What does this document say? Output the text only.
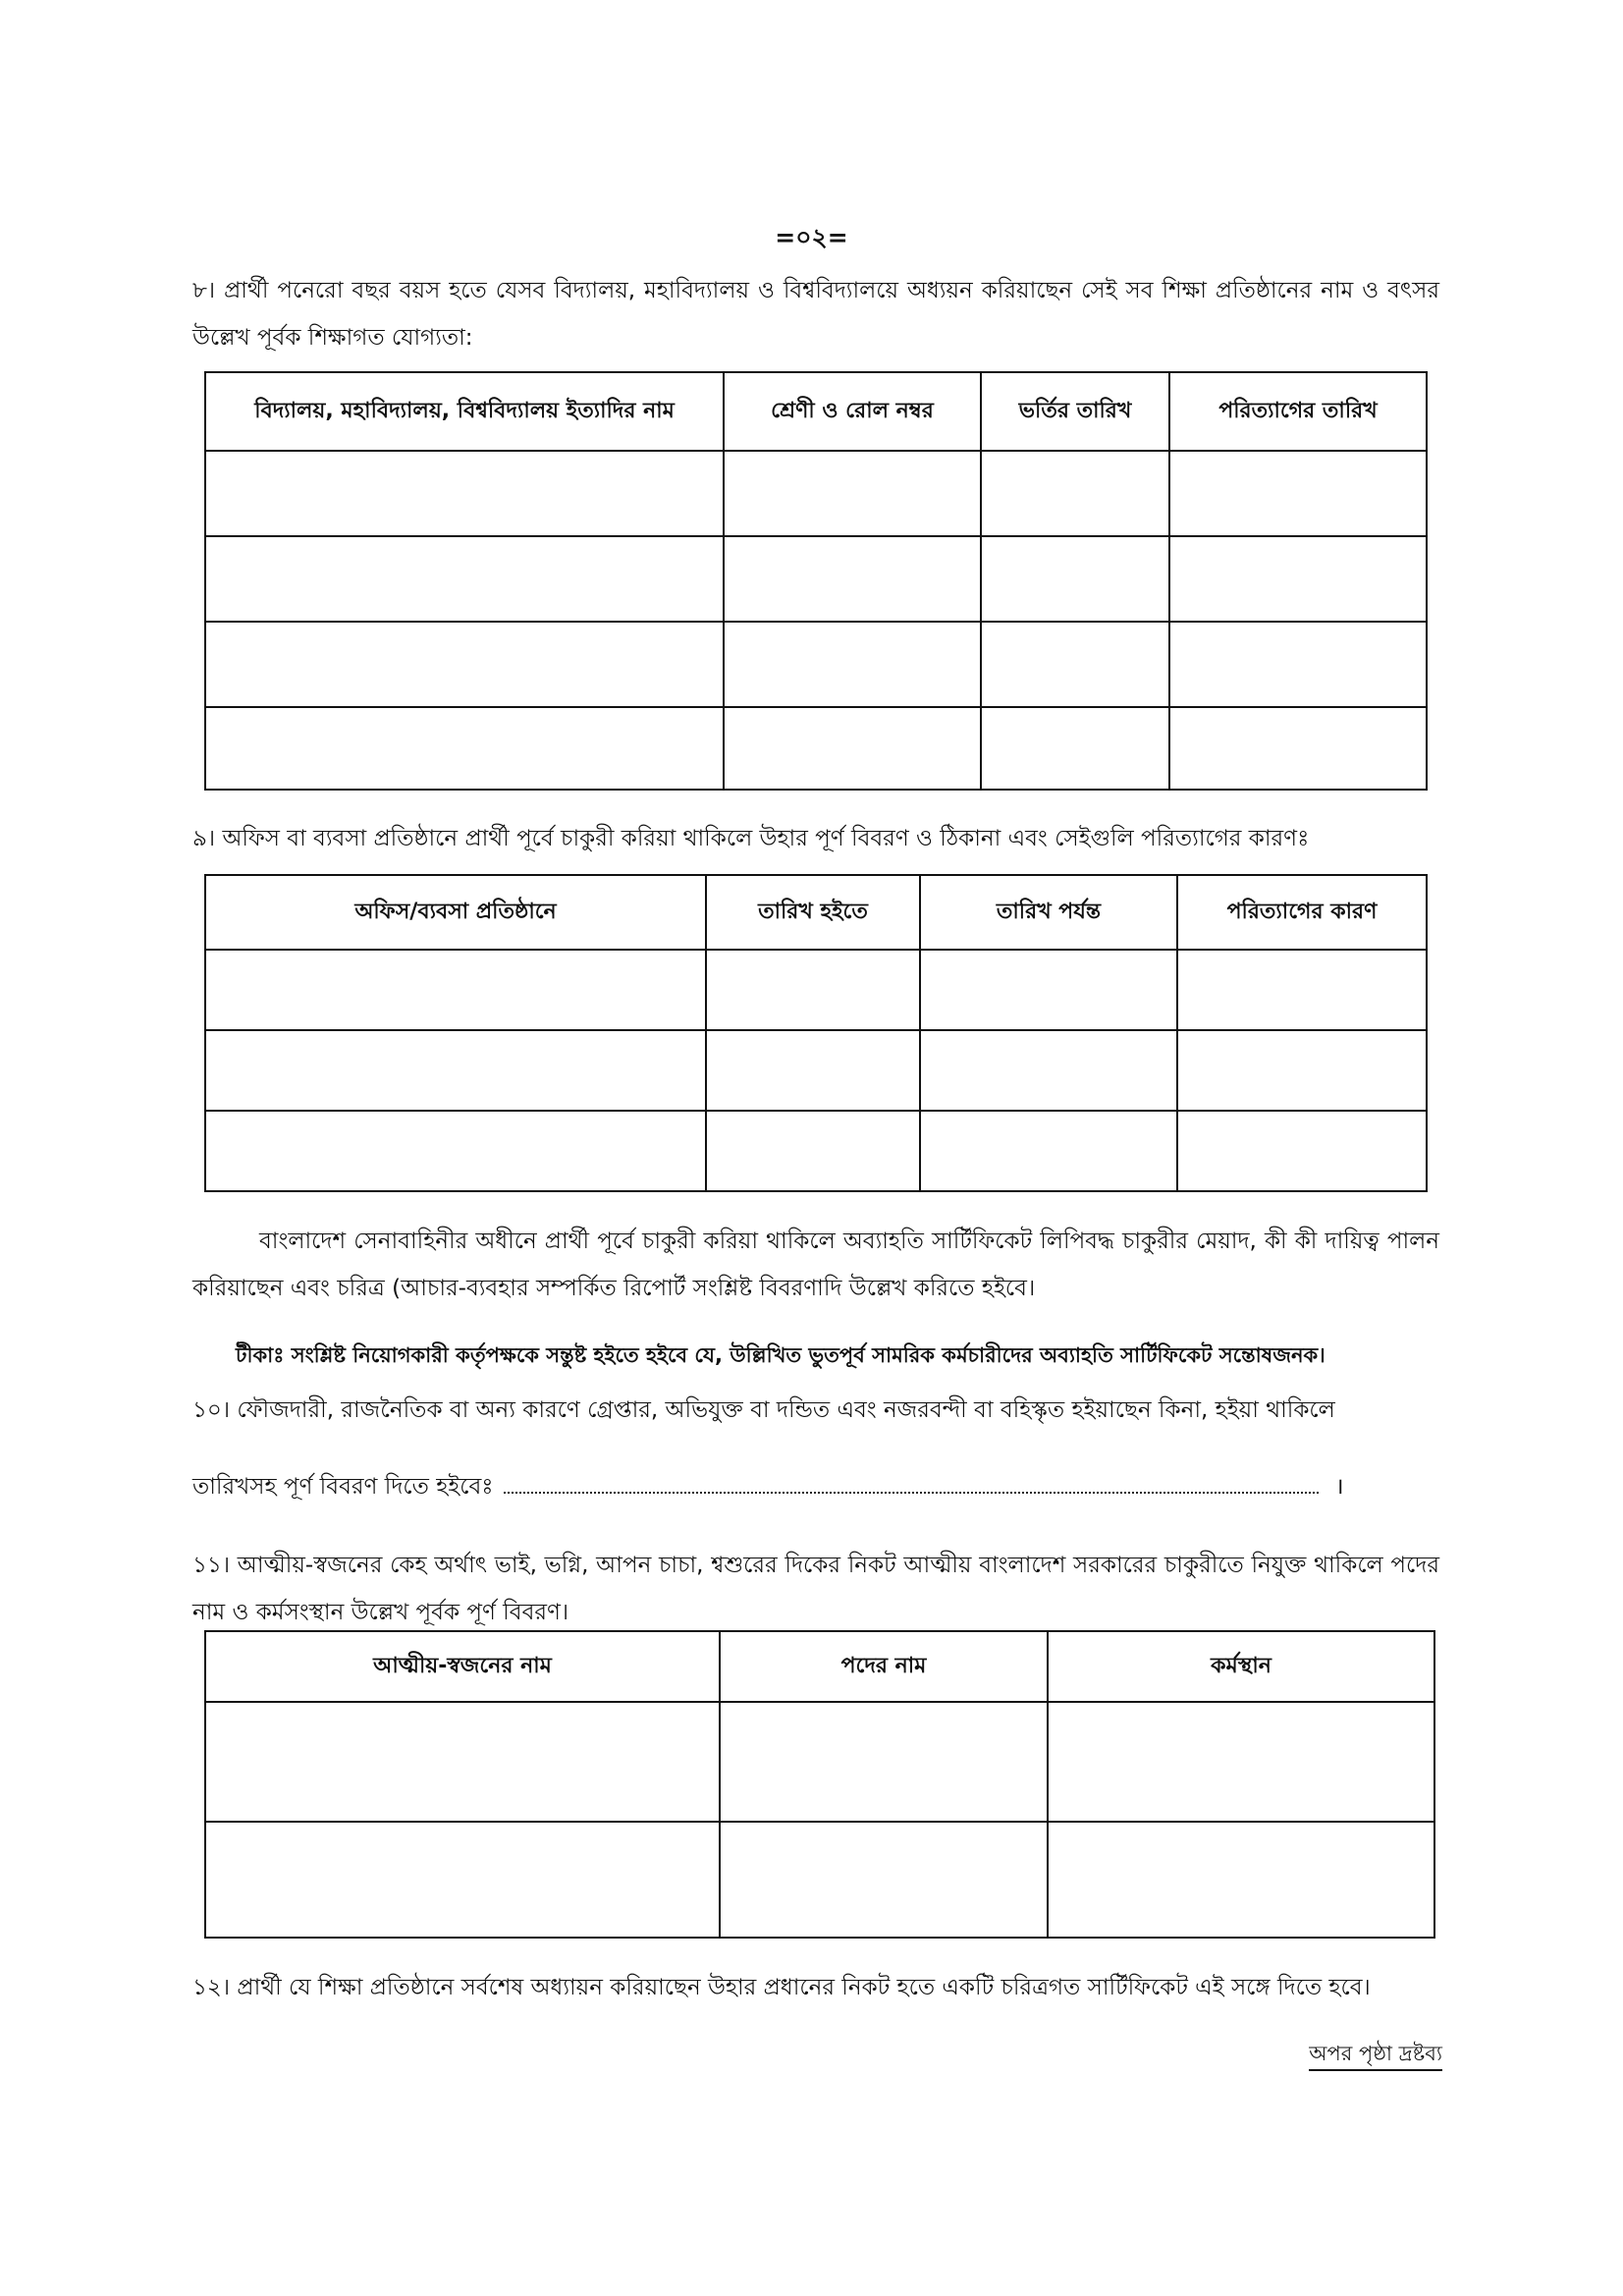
=০২=
৮। প্রার্থী পনেরো বছর বয়স হতে যেসব বিদ্যালয়, মহাবিদ্যালয় ও বিশ্ববিদ্যালয়ে অধ্যয়ন করিয়াছেন সেই সব শিক্ষা প্রতিষ্ঠানের নাম ও বৎসর উল্লেখ পূর্বক শিক্ষাগত যোগ্যতা:
বিদ্যালয়, মহাবিদ্যালয়, বিশ্ববিদ্যালয় ইত্যাদির নাম	শ্রেণী ও রোল নম্বর	ভর্তির তারিখ	পরিত্যাগের তারিখ

৯। অফিস বা ব্যবসা প্রতিষ্ঠানে প্রার্থী পূর্বে চাকুরী করিয়া থাকিলে উহার পূর্ণ বিবরণ ও ঠিকানা এবং সেইগুলি পরিত্যাগের কারণঃ
অফিস/ব্যবসা প্রতিষ্ঠানে	তারিখ হইতে	তারিখ পর্যন্ত	পরিত্যাগের কারণ

বাংলাদেশ সেনাবাহিনীর অধীনে প্রার্থী পূর্বে চাকুরী করিয়া থাকিলে অব্যাহতি সার্টিফিকেট লিপিবদ্ধ চাকুরীর মেয়াদ, কী কী দায়িত্ব পালন করিয়াছেন এবং চরিত্র (আচার-ব্যবহার সম্পর্কিত রিপোর্ট সংশ্লিষ্ট বিবরণাদি উল্লেখ করিতে হইবে।
টীকাঃ সংশ্লিষ্ট নিয়োগকারী কর্তৃপক্ষকে সন্তুষ্ট হইতে হইবে যে, উল্লিখিত ভুতপূর্ব সামরিক কর্মচারীদের অব্যাহতি সার্টিফিকেট সন্তোষজনক।
১০। ফৌজদারী, রাজনৈতিক বা অন্য কারণে গ্রেপ্তার, অভিযুক্ত বা দন্ডিত এবং নজরবন্দী বা বহিস্কৃত হইয়াছেন কিনা, হইয়া থাকিলে
তারিখসহ পূর্ণ বিবরণ দিতে হইবেঃ	।
১১। আত্মীয়-স্বজনের কেহ অর্থাৎ ভাই, ভগ্নি, আপন চাচা, শ্বশুরের দিকের নিকট আত্মীয় বাংলাদেশ সরকারের চাকুরীতে নিযুক্ত থাকিলে পদের নাম ও কর্মসংস্থান উল্লেখ পূর্বক পূর্ণ বিবরণ।
আত্মীয়-স্বজনের নাম	পদের নাম	কর্মস্থান

১২। প্রার্থী যে শিক্ষা প্রতিষ্ঠানে সর্বশেষ অধ্যায়ন করিয়াছেন উহার প্রধানের নিকট হতে একটি চরিত্রগত সার্টিফিকেট এই সঙ্গে দিতে হবে।
অপর পৃষ্ঠা দ্রষ্টব্য
